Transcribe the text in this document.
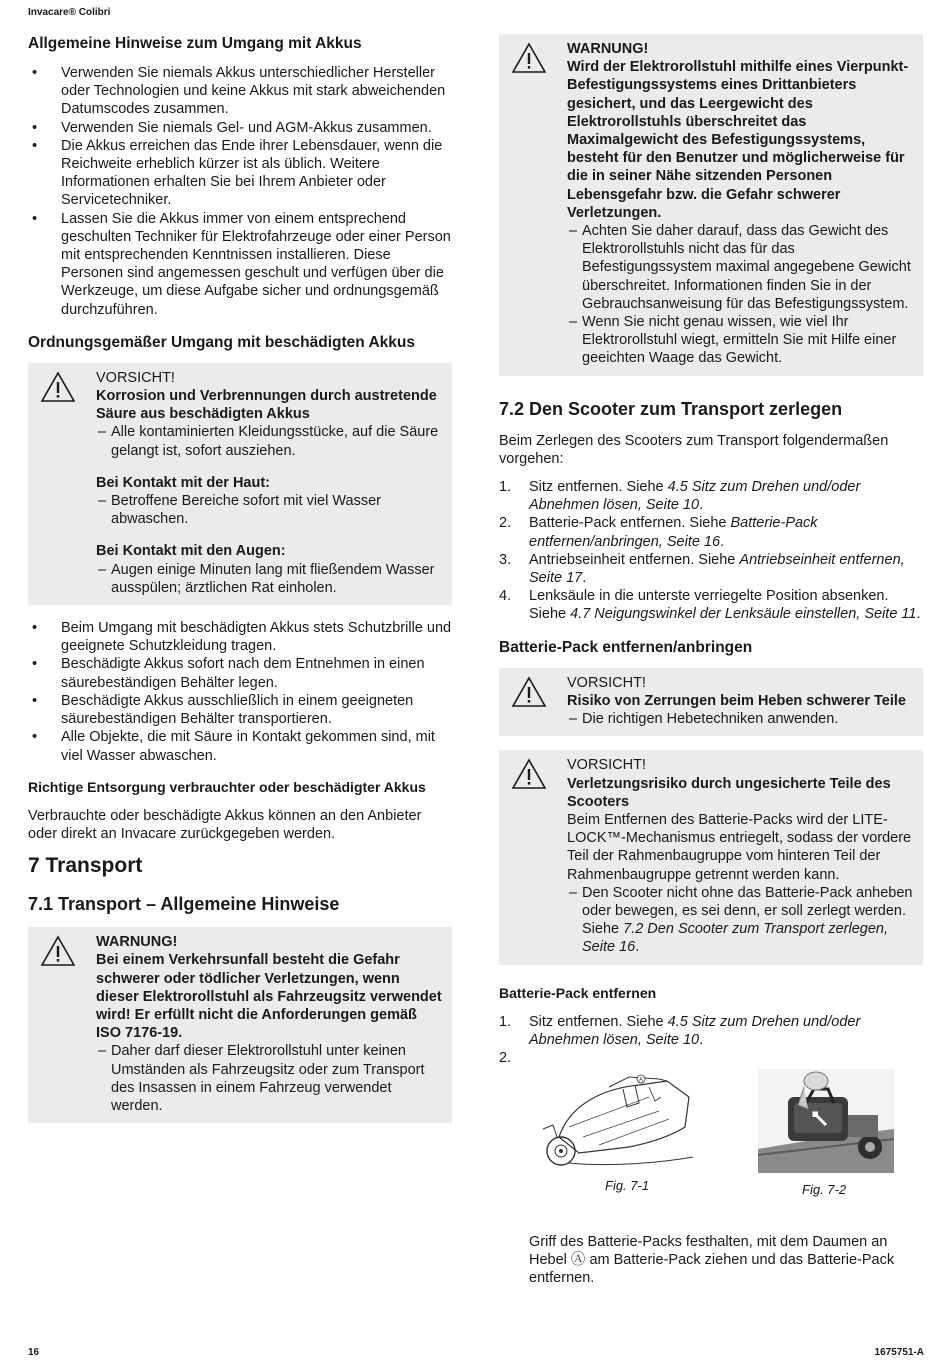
Invacare® Colibri
Allgemeine Hinweise zum Umgang mit Akkus
• Verwenden Sie niemals Akkus unterschiedlicher Hersteller oder Technologien und keine Akkus mit stark abweichenden Datumscodes zusammen.
• Verwenden Sie niemals Gel- und AGM-Akkus zusammen.
• Die Akkus erreichen das Ende ihrer Lebensdauer, wenn die Reichweite erheblich kürzer ist als üblich. Weitere Informationen erhalten Sie bei Ihrem Anbieter oder Servicetechniker.
• Lassen Sie die Akkus immer von einem entsprechend geschulten Techniker für Elektrofahrzeuge oder einer Person mit entsprechenden Kenntnissen installieren. Diese Personen sind angemessen geschult und verfügen über die Werkzeuge, um diese Aufgabe sicher und ordnungsgemäß durchzuführen.
Ordnungsgemäßer Umgang mit beschädigten Akkus
VORSICHT!
Korrosion und Verbrennungen durch austretende Säure aus beschädigten Akkus
– Alle kontaminierten Kleidungsstücke, auf die Säure gelangt ist, sofort ausziehen.
Bei Kontakt mit der Haut:
– Betroffene Bereiche sofort mit viel Wasser abwaschen.
Bei Kontakt mit den Augen:
– Augen einige Minuten lang mit fließendem Wasser ausspülen; ärztlichen Rat einholen.
• Beim Umgang mit beschädigten Akkus stets Schutzbrille und geeignete Schutzkleidung tragen.
• Beschädigte Akkus sofort nach dem Entnehmen in einen säurebeständigen Behälter legen.
• Beschädigte Akkus ausschließlich in einem geeigneten säurebeständigen Behälter transportieren.
• Alle Objekte, die mit Säure in Kontakt gekommen sind, mit viel Wasser abwaschen.
Richtige Entsorgung verbrauchter oder beschädigter Akkus

Verbrauchte oder beschädigte Akkus können an den Anbieter oder direkt an Invacare zurückgegeben werden.

7 Transport
7.1 Transport – Allgemeine Hinweise
WARNUNG!
Bei einem Verkehrsunfall besteht die Gefahr schwerer oder tödlicher Verletzungen, wenn dieser Elektrorollstuhl als Fahrzeugsitz verwendet wird! Er erfüllt nicht die Anforderungen gemäß ISO 7176-19.
– Daher darf dieser Elektrorollstuhl unter keinen Umständen als Fahrzeugsitz oder zum Transport des Insassen in einem Fahrzeug verwendet werden.
WARNUNG!
Wird der Elektrorollstuhl mithilfe eines Vierpunkt-Befestigungssystems eines Drittanbieters gesichert, und das Leergewicht des Elektrorollstuhls überschreitet das Maximalgewicht des Befestigungssystems, besteht für den Benutzer und möglicherweise für die in seiner Nähe sitzenden Personen Lebensgefahr bzw. die Gefahr schwerer Verletzungen.
– Achten Sie daher darauf, dass das Gewicht des Elektrorollstuhls nicht das für das Befestigungssystem maximal angegebene Gewicht überschreitet. Informationen finden Sie in der Gebrauchsanweisung für das Befestigungssystem.
– Wenn Sie nicht genau wissen, wie viel Ihr Elektrorollstuhl wiegt, ermitteln Sie mit Hilfe einer geeichten Waage das Gewicht.
7.2 Den Scooter zum Transport zerlegen

Beim Zerlegen des Scooters zum Transport folgendermaßen vorgehen:

1. Sitz entfernen. Siehe 4.5 Sitz zum Drehen und/oder Abnehmen lösen, Seite 10.
2. Batterie-Pack entfernen. Siehe Batterie-Pack entfernen/anbringen, Seite 16.
3. Antriebseinheit entfernen. Siehe Antriebseinheit entfernen, Seite 17.
4. Lenksäule in die unterste verriegelte Position absenken. Siehe 4.7 Neigungswinkel der Lenksäule einstellen, Seite 11.
Batterie-Pack entfernen/anbringen
VORSICHT!
Risiko von Zerrungen beim Heben schwerer Teile
– Die richtigen Hebetechniken anwenden.
VORSICHT!
Verletzungsrisiko durch ungesicherte Teile des Scooters
Beim Entfernen des Batterie-Packs wird der LITE-LOCK™-Mechanismus entriegelt, sodass der vordere Teil der Rahmenbaugruppe vom hinteren Teil der Rahmenbaugruppe getrennt werden kann.
– Den Scooter nicht ohne das Batterie-Pack anheben oder bewegen, es sei denn, er soll zerlegt werden. Siehe 7.2 Den Scooter zum Transport zerlegen, Seite 16.
Batterie-Pack entfernen
1. Sitz entfernen. Siehe 4.5 Sitz zum Drehen und/oder Abnehmen lösen, Seite 10.
2.
A
Fig. 7-1	Fig. 7-2

Griff des Batterie-Packs festhalten, mit dem Daumen an Hebel Ⓐ am Batterie-Pack ziehen und das Batterie-Pack entfernen.

16	1675751-A
